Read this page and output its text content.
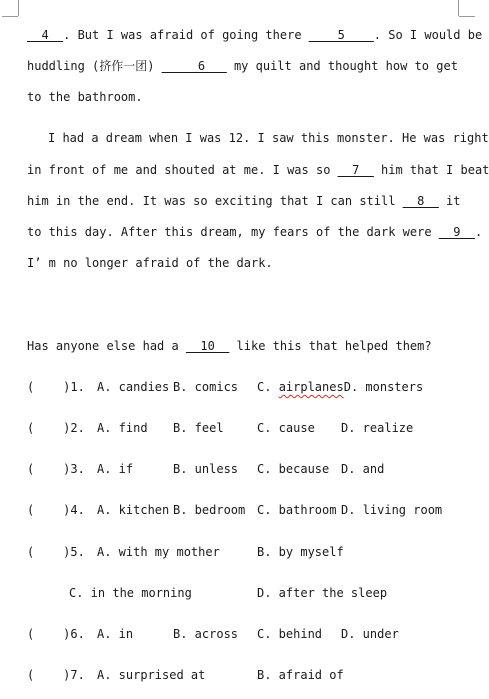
__4__. But I was afraid of going there ____5____. So I would be
huddling (挤作一团) _____6___ my quilt and thought how to get
to the bathroom.
I had a dream when I was 12. I saw this monster. He was right
in front of me and shouted at me. I was so __7__ him that I beat
him in the end. It was so exciting that I can still __8__ it
to this day. After this dream, my fears of the dark were __9__.
I’ m no longer afraid of the dark.
Has anyone else had a __10__ like this that helped them?
(    )1. A. candies B. comics C. airplanesD. monsters
(    )2. A. find B. feel	C. cause D. realize
(    )3. A. if	B. unless C. because D. and
(    )4. A. kitchen B. bedroom C. bathroom D. living room
(    )5. A. with my mother	B. by myself
C. in the morning	D. after the sleep
(    )6. A. in	B. across C. behind D. under
(    )7. A. surprised at	B. afraid of
